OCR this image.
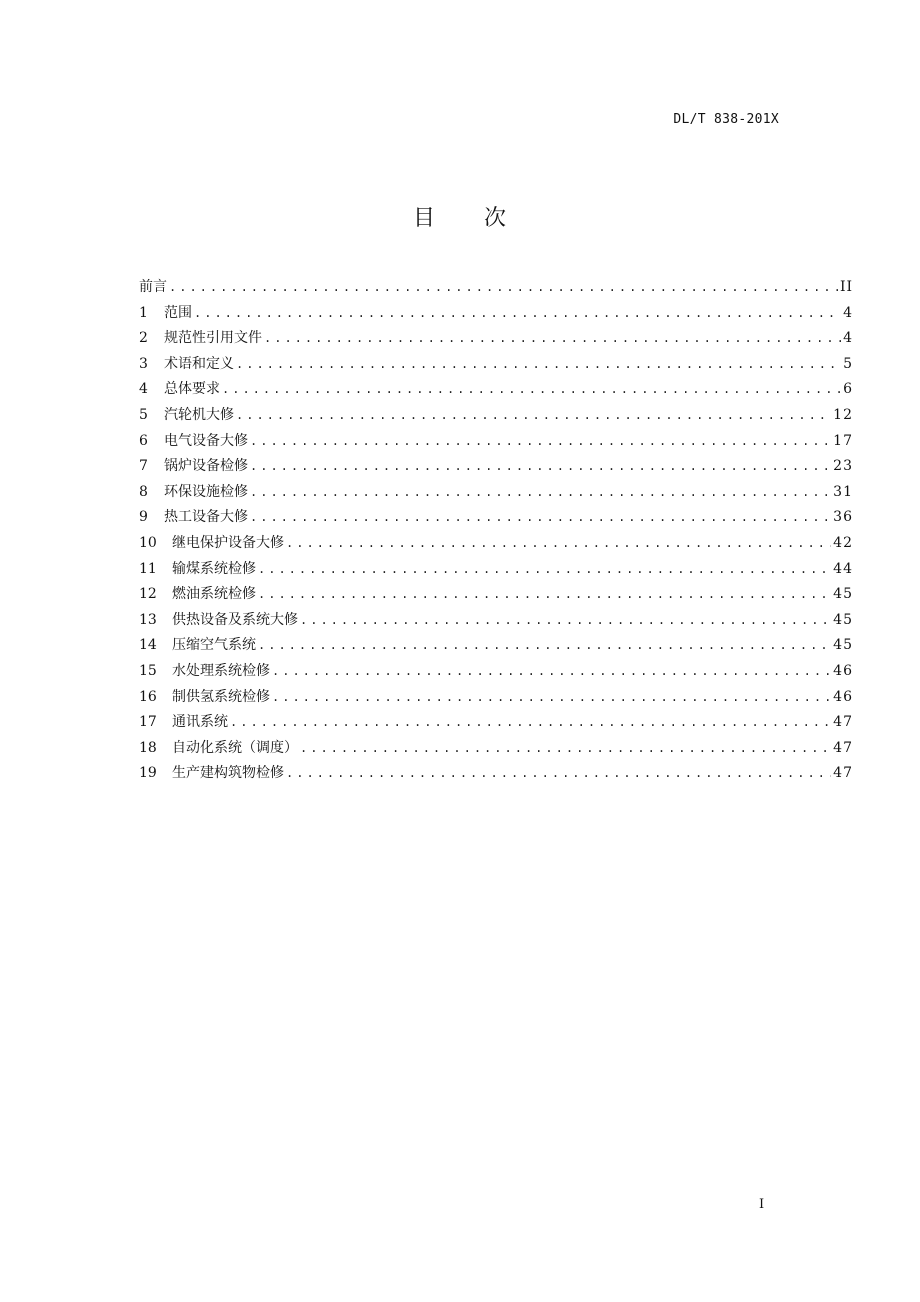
DL/T 838-201X
目 次
前言 .....	II
1	范围 .....	4
2	规范性引用文件 .....	4
3	术语和定义 .....	5
4	总体要求 .....	6
5	汽轮机大修 .....	12
6	电气设备大修 .....	17
7	锅炉设备检修 .....	23
8	环保设施检修 .....	31
9	热工设备大修 .....	36
10	继电保护设备大修 .....	42
11	输煤系统检修 .....	44
12	燃油系统检修 .....	45
13	供热设备及系统大修 .....	45
14	压缩空气系统 .....	45
15	水处理系统检修 .....	46
16	制供氢系统检修 .....	46
17	通讯系统 .....	47
18	自动化系统（调度） .....	47
19	生产建构筑物检修 .....	47
I
